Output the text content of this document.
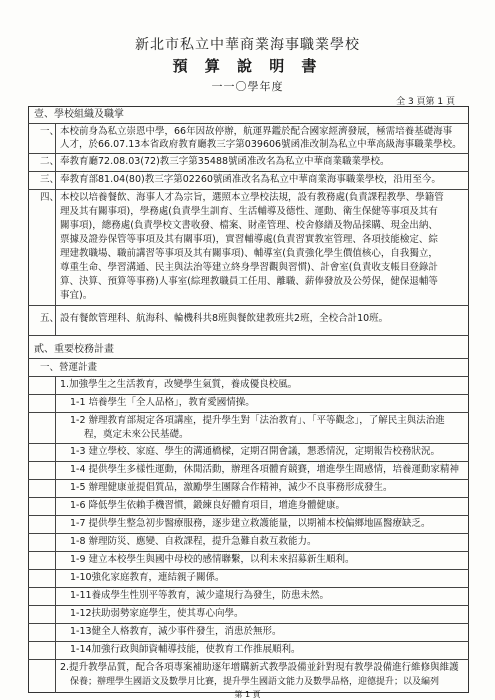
新北市私立中華商業海事職業學校
預 算 說 明 書
一一〇學年度
全 3 頁第 1 頁
壹、學校組織及職掌
一、 本校前身為私立崇恩中學，66年因故停辦，航運界鑑於配合國家經濟發展，極需培養基礎海事
人才，於66.07.13本省政府教育廳教三字第039606號函准改制為私立中華高級海事職業學校。
二、 奉教育廳72.08.03(72)教三字第35488號函准改名為私立中華商業職業學校。
三、 奉教育部81.04(80)教三字第02260號函准改名為私立中華商業海事職業學校，沿用至今。
四、 本校以培養餐飲、海事人才為宗旨，選照本立學校法規，設有教務處(負責課程教學、學籍管
理及其有關事項)，學務處(負責學生訓育、生活輔導及德性、運動、衛生保健等事項及其有
關事項)，總務處(負責學校文書收發、檔案、財產管理、校舍修繕及物品採購、現金出納、
票據及證券保管等事項及其有關事項)，實習輔導處(負責習實教室管理、各項技能檢定、綜
理建教職場、職前講習等事項及其有關事項)、輔導室(負責強化學生價值核心，自我獨立，
尊重生命、學習溝通、民主與法治等建立終身學習觀與習慣)、計會室(負責收支帳目登錄計
算、決算、預算等事務)人事室(綜理教職員工任用、離職、薪俸發放及公勞保，健保退輔等
事宜)。
五、 設有餐飲管理科、航海科、輪機科共8班與餐飲建教班共2班，全校合計10班。
貳、重要校務計畫
一、營運計畫
1.加強學生之生活教育，改變學生氣質，養成優良校風。
1-1 培養學生「全人品格」，教育愛國情操。
1-2 辦理教育部規定各項講座，提升學生對「法治教育」、「平等觀念」，了解民主與法治進
程，奠定未來公民基礎。
1-3 建立學校、家庭、學生的溝通橋樑，定期召開會議，懇悉情況，定期報告校務狀況。
1-4 提供學生多樣性運動，休閒活動，辦理各項體育競賽，增進學生間感情，培養運動家精神
1-5 辦理健康並提倡質品，激勵學生團隊合作精神，減少不良事務形成發生。
1-6 降低學生依賴手機習慣，鍛練良好體育項目，增進身體健康。
1-7 提供學生整急初步醫療服務，逐步建立救護能量，以期補本校偏鄉地區醫療缺乏。
1-8 辦理防災、應變、自救課程，提升急難自救互救能力。
1-9 建立本校學生與國中母校的感情聯繫，以利未來招募新生順利。
1-10強化家庭教育，連結親子關係。
1-11養成學生性別平等教育，減少違規行為發生，防患未然。
1-12扶助弱勢家庭學生，使其專心向學。
1-13健全人格教育，減少事件發生，消患於無形。
1-14加強行政與師資輔導技能，使教育工作推展順利。
2.提升教學品質，配合各項專案補助逐年增購新式教學設備並針對現有教學設備進行維修與維護
保養；辦理學生國語文及數學月比賽，提升學生國語文能力及數學品格，迎德提升；以及編列
第 1 頁
